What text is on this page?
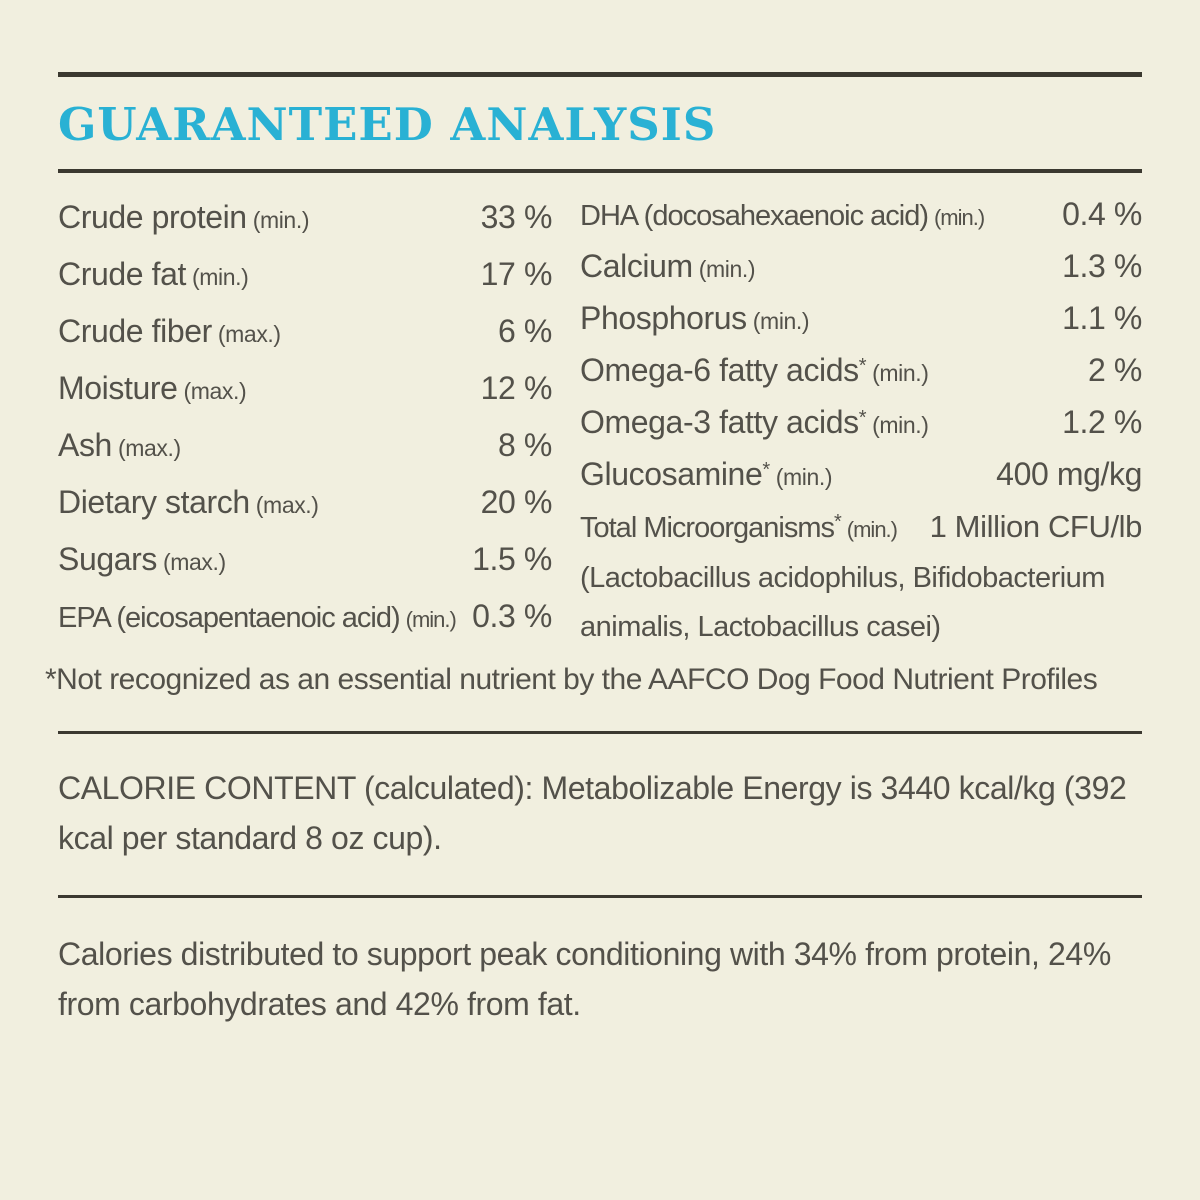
GUARANTEED ANALYSIS
Crude protein (min.)	33 %
Crude fat (min.)	17 %
Crude fiber (max.)	6 %
Moisture (max.)	12 %
Ash (max.)	8 %
Dietary starch (max.)	20 %
Sugars (max.)	1.5 %
EPA (eicosapentaenoic acid) (min.) 0.3 %
DHA (docosahexaenoic acid) (min.)	0.4 %
Calcium (min.)	1.3 %
Phosphorus (min.)	1.1 %
Omega-6 fatty acids* (min.)	2 %
Omega-3 fatty acids* (min.)	1.2 %
Glucosamine* (min.)	400 mg/kg
Total Microorganisms* (min.)	1 Million CFU/lb
(Lactobacillus acidophilus, Bifidobacterium
animalis, Lactobacillus casei)
*Not recognized as an essential nutrient by the AAFCO Dog Food Nutrient Profiles

CALORIE CONTENT (calculated): Metabolizable Energy is 3440 kcal/kg (392 kcal per standard 8 oz cup).

Calories distributed to support peak conditioning with 34% from protein, 24% from carbohydrates and 42% from fat.
